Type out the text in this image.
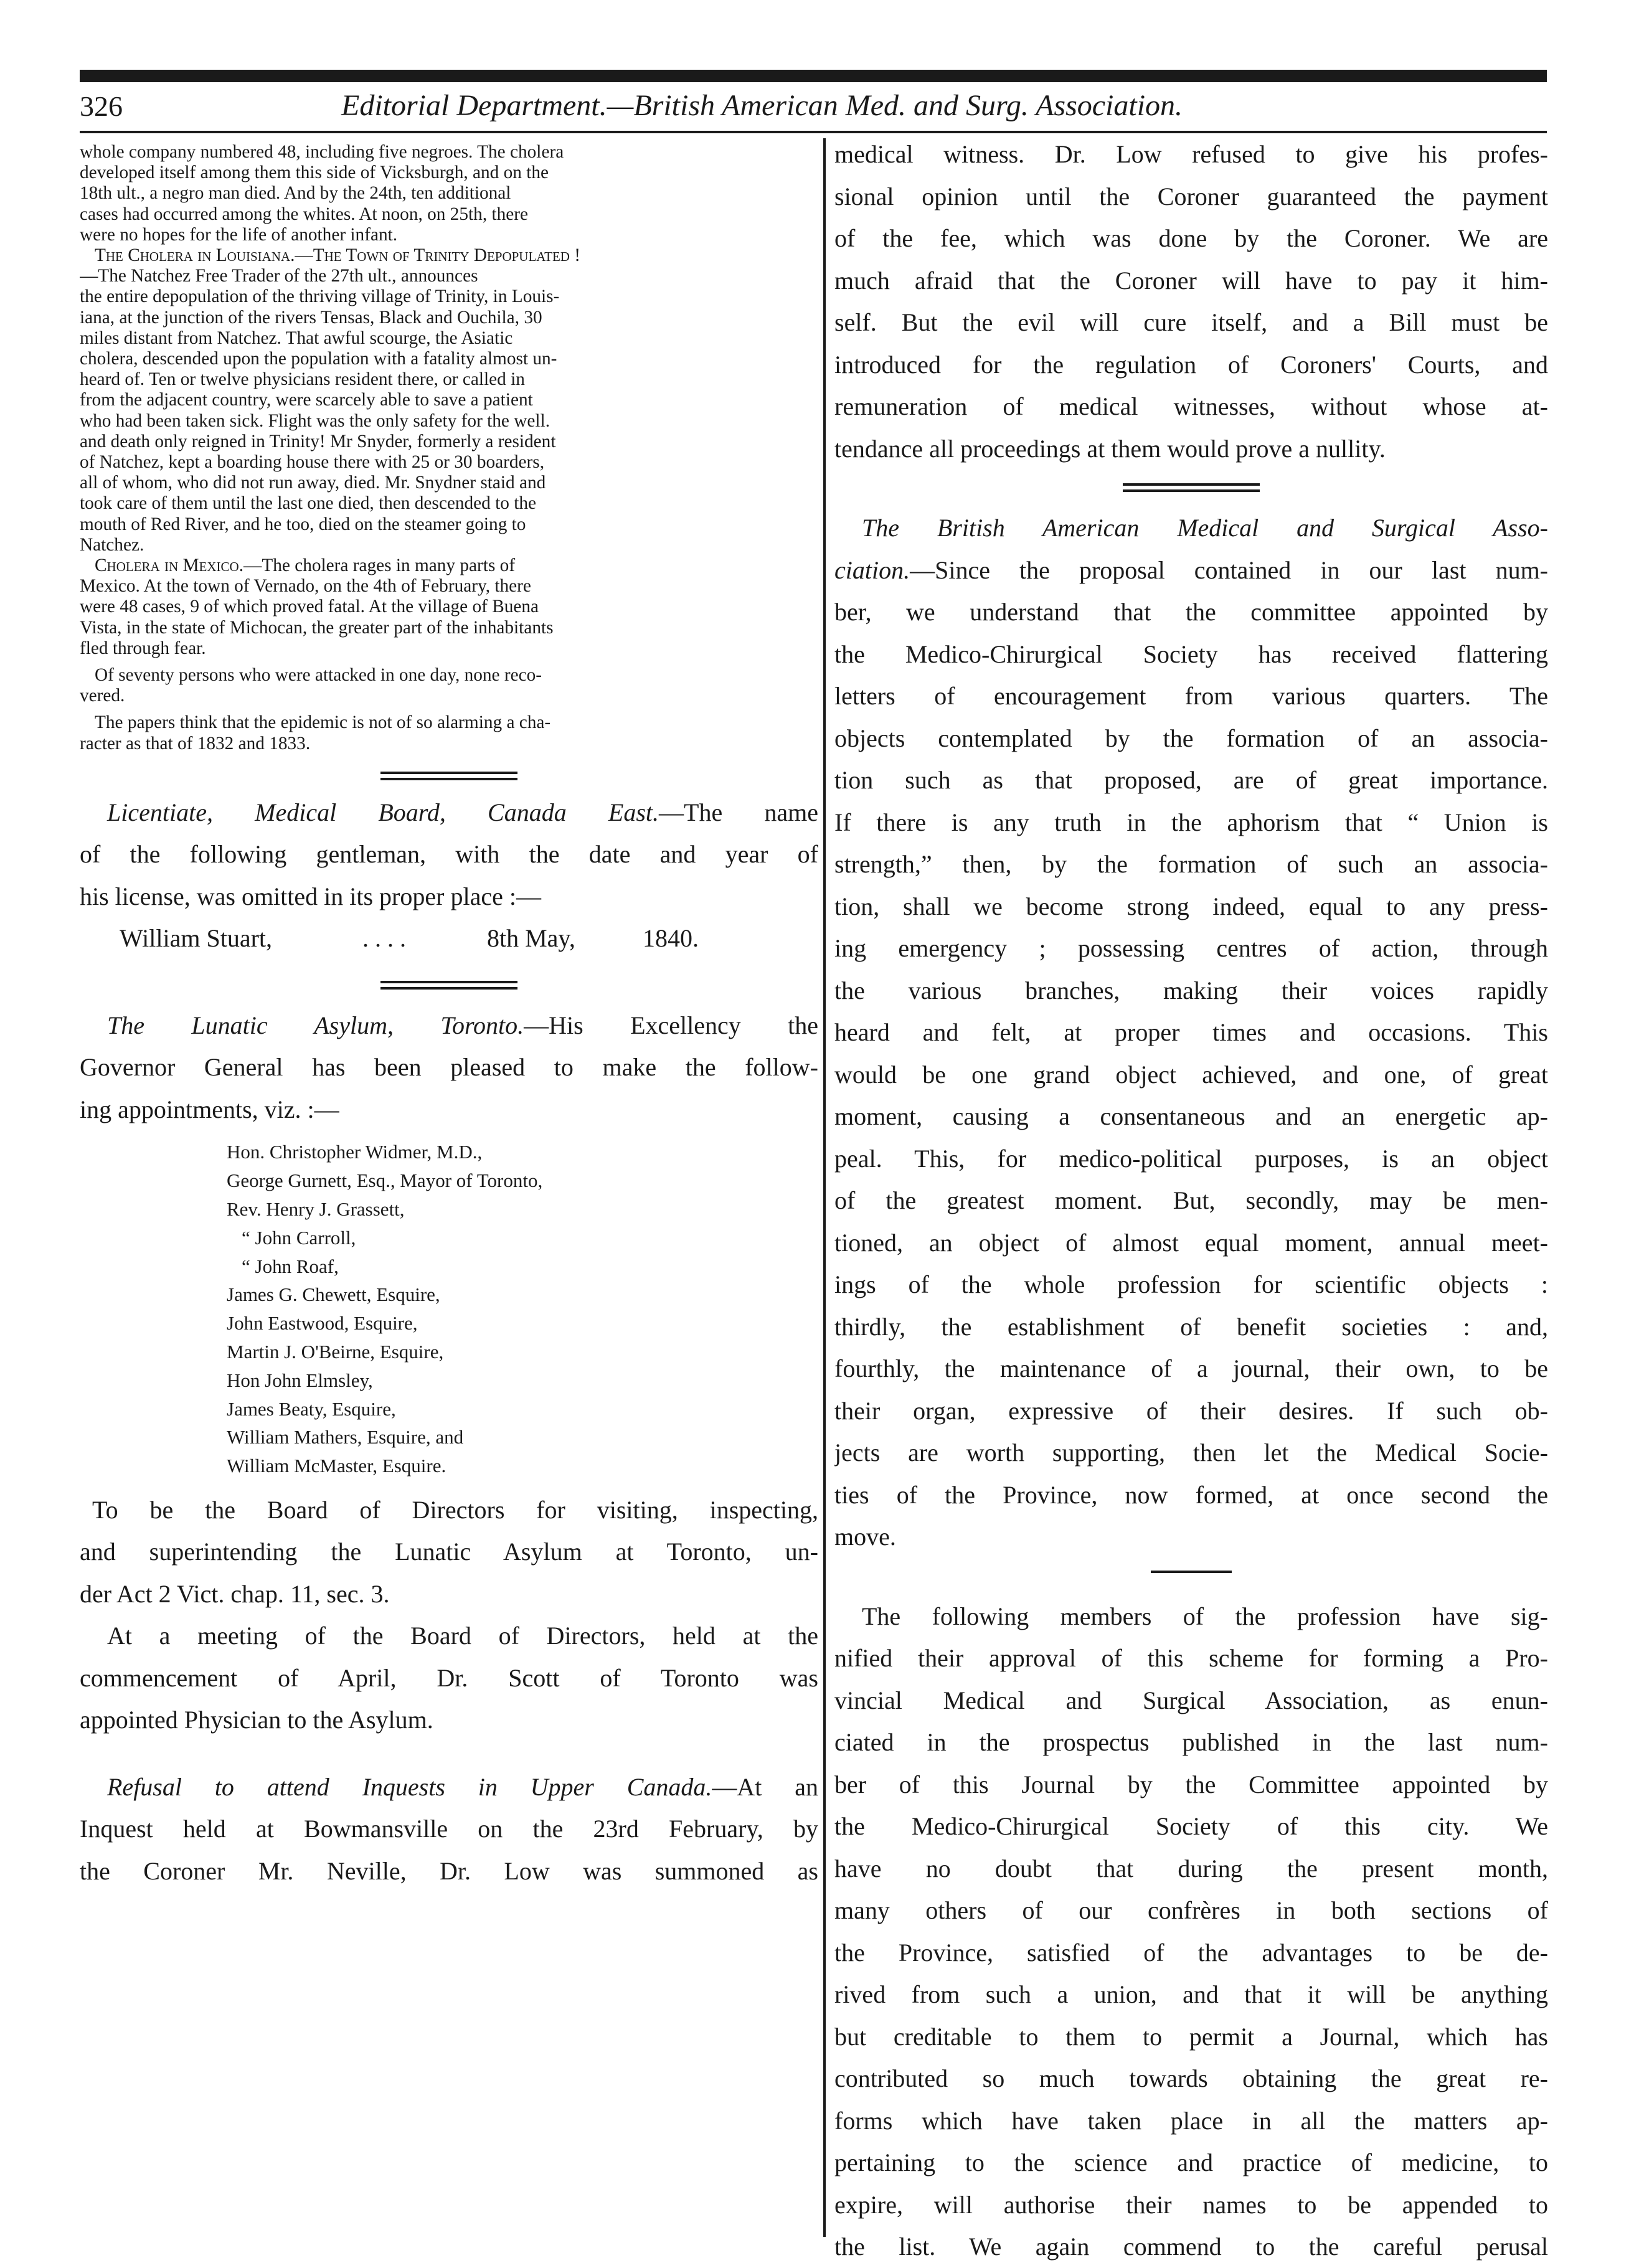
326	Editorial Department.—British American Med. and Surg. Association.
whole company numbered 48, including five negroes. The cholera
developed itself among them this side of Vicksburgh, and on the
18th ult., a negro man died. And by the 24th, ten additional
cases had occurred among the whites. At noon, on 25th, there
were no hopes for the life of another infant.
The Cholera in Louisiana.—The Town of Trinity Depopulated !
—The Natchez Free Trader of the 27th ult., announces
the entire depopulation of the thriving village of Trinity, in Louis-
iana, at the junction of the rivers Tensas, Black and Ouchila, 30
miles distant from Natchez. That awful scourge, the Asiatic
cholera, descended upon the population with a fatality almost un-
heard of. Ten or twelve physicians resident there, or called in
from the adjacent country, were scarcely able to save a patient
who had been taken sick. Flight was the only safety for the well.
and death only reigned in Trinity! Mr Snyder, formerly a resident
of Natchez, kept a boarding house there with 25 or 30 boarders,
all of whom, who did not run away, died. Mr. Snydner staid and
took care of them until the last one died, then descended to the
mouth of Red River, and he too, died on the steamer going to
Natchez.
Cholera in Mexico.—The cholera rages in many parts of
Mexico. At the town of Vernado, on the 4th of February, there
were 48 cases, 9 of which proved fatal. At the village of Buena
Vista, in the state of Michocan, the greater part of the inhabitants
fled through fear.
Of seventy persons who were attacked in one day, none reco-
vered.
The papers think that the epidemic is not of so alarming a cha-
racter as that of 1832 and 1833.
Licentiate, Medical Board, Canada East.—The name
of the following gentleman, with the date and year of
his license, was omitted in its proper place :—
William Stuart,	. . . .	8th May,	1840.
The Lunatic Asylum, Toronto.—His Excellency the
Governor General has been pleased to make the follow-
ing appointments, viz. :—
Hon. Christopher Widmer, M.D.,
George Gurnett, Esq., Mayor of Toronto,
Rev. Henry J. Grassett,
“ John Carroll,
“ John Roaf,
James G. Chewett, Esquire,
John Eastwood, Esquire,
Martin J. O'Beirne, Esquire,
Hon John Elmsley,
James Beaty, Esquire,
William Mathers, Esquire, and
William McMaster, Esquire.
To be the Board of Directors for visiting, inspecting,
and superintending the Lunatic Asylum at Toronto, un-
der Act 2 Vict. chap. 11, sec. 3.
At a meeting of the Board of Directors, held at the
commencement of April, Dr. Scott of Toronto was
appointed Physician to the Asylum.
Refusal to attend Inquests in Upper Canada.—At an
Inquest held at Bowmansville on the 23rd February, by
the Coroner Mr. Neville, Dr. Low was summoned as
medical witness. Dr. Low refused to give his profes-
sional opinion until the Coroner guaranteed the payment
of the fee, which was done by the Coroner. We are
much afraid that the Coroner will have to pay it him-
self. But the evil will cure itself, and a Bill must be
introduced for the regulation of Coroners' Courts, and
remuneration of medical witnesses, without whose at-
tendance all proceedings at them would prove a nullity.
The British American Medical and Surgical Asso-
ciation.—Since the proposal contained in our last num-
ber, we understand that the committee appointed by
the Medico-Chirurgical Society has received flattering
letters of encouragement from various quarters. The
objects contemplated by the formation of an associa-
tion such as that proposed, are of great importance.
If there is any truth in the aphorism that “ Union is
strength,” then, by the formation of such an associa-
tion, shall we become strong indeed, equal to any press-
ing emergency ; possessing centres of action, through
the various branches, making their voices rapidly
heard and felt, at proper times and occasions. This
would be one grand object achieved, and one, of great
moment, causing a consentaneous and an energetic ap-
peal. This, for medico-political purposes, is an object
of the greatest moment. But, secondly, may be men-
tioned, an object of almost equal moment, annual meet-
ings of the whole profession for scientific objects :
thirdly, the establishment of benefit societies : and,
fourthly, the maintenance of a journal, their own, to be
their organ, expressive of their desires. If such ob-
jects are worth supporting, then let the Medical Socie-
ties of the Province, now formed, at once second the
move.
The following members of the profession have sig-
nified their approval of this scheme for forming a Pro-
vincial Medical and Surgical Association, as enun-
ciated in the prospectus published in the last num-
ber of this Journal by the Committee appointed by
the Medico-Chirurgical Society of this city. We
have no doubt that during the present month,
many others of our confrères in both sections of
the Province, satisfied of the advantages to be de-
rived from such a union, and that it will be anything
but creditable to them to permit a Journal, which has
contributed so much towards obtaining the great re-
forms which have taken place in all the matters ap-
pertaining to the science and practice of medicine, to
expire, will authorise their names to be appended to
the list. We again commend to the careful perusal
